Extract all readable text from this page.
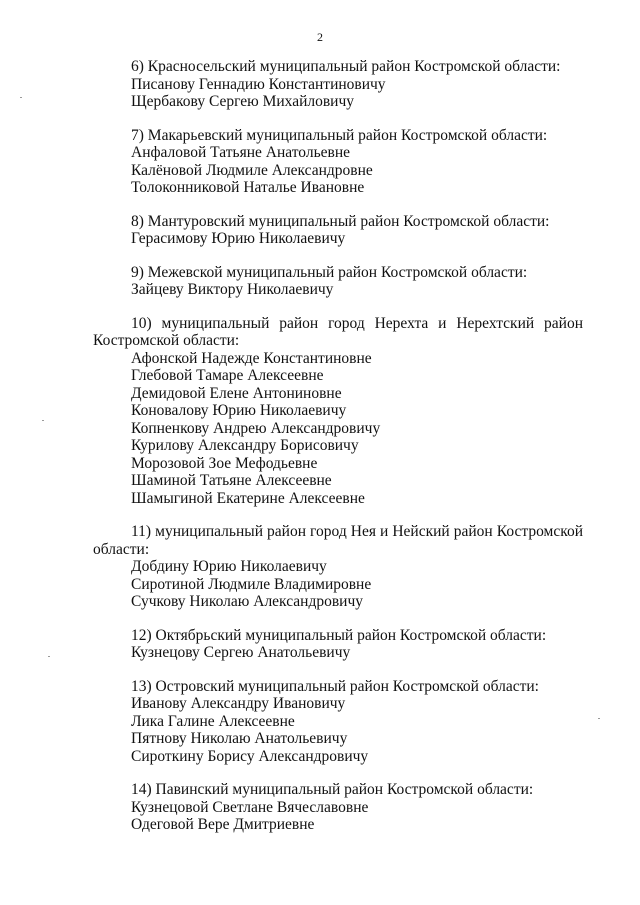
2
6) Красносельский муниципальный район Костромской области:
Писанову Геннадию Константиновичу
Щербакову Сергею Михайловичу
7) Макарьевский муниципальный район Костромской области:
Анфаловой Татьяне Анатольевне
Калёновой Людмиле Александровне
Толоконниковой Наталье Ивановне
8) Мантуровский муниципальный район Костромской области:
Герасимову Юрию Николаевичу
9) Межевской муниципальный район Костромской области:
Зайцеву Виктору Николаевичу
10) муниципальный район город Нерехта и Нерехтский район Костромской области:
Афонской Надежде Константиновне
Глебовой Тамаре Алексеевне
Демидовой Елене Антониновне
Коновалову Юрию Николаевичу
Копненкову Андрею Александровичу
Курилову Александру Борисовичу
Морозовой Зое Мефодьевне
Шаминой Татьяне Алексеевне
Шамыгиной Екатерине Алексеевне
11) муниципальный район город Нея и Нейский район Костромской области:
Добдину Юрию Николаевичу
Сиротиной Людмиле Владимировне
Сучкову Николаю Александровичу
12) Октябрьский муниципальный район Костромской области:
Кузнецову Сергею Анатольевичу
13) Островский муниципальный район Костромской области:
Иванову Александру Ивановичу
Лика Галине Алексеевне
Пятнову Николаю Анатольевичу
Сироткину Борису Александровичу
14) Павинский муниципальный район Костромской области:
Кузнецовой Светлане Вячеславовне
Одеговой Вере Дмитриевне
